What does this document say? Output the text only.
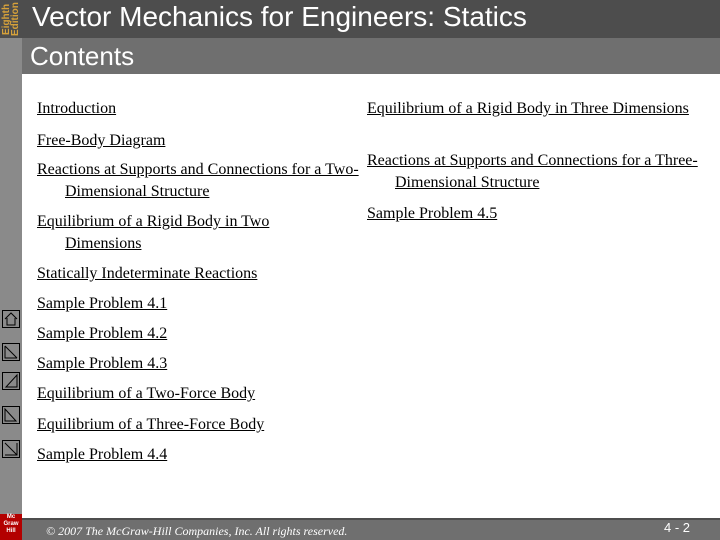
Eighth Edition Vector Mechanics for Engineers: Statics
Contents
Mc Graw Hill
Introduction
Free-Body Diagram
Reactions at Supports and Connections for a Two-Dimensional Structure
Equilibrium of a Rigid Body in Two Dimensions
Statically Indeterminate Reactions
Sample Problem 4.1
Sample Problem 4.2
Sample Problem 4.3
Equilibrium of a Two-Force Body
Equilibrium of a Three-Force Body
Sample Problem 4.4
Equilibrium of a Rigid Body in Three Dimensions
Reactions at Supports and Connections for a Three-Dimensional Structure
Sample Problem 4.5
© 2007 The McGraw-Hill Companies, Inc. All rights reserved.	4 - 2
